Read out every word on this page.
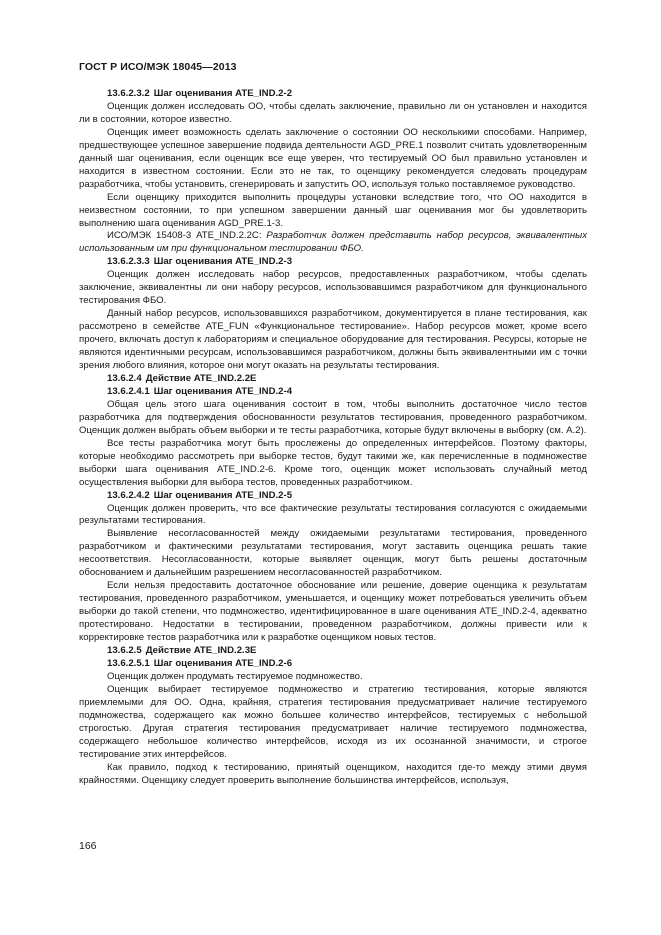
ГОСТ Р ИСО/МЭК 18045—2013

13.6.2.3.2 Шаг оценивания ATE_IND.2-2

Оценщик должен исследовать ОО, чтобы сделать заключение, правильно ли он установлен и находится ли в состоянии, которое известно.

Оценщик имеет возможность сделать заключение о состоянии ОО несколькими способами. Например, предшествующее успешное завершение подвида деятельности AGD_PRE.1 позволит считать удовлетворенным данный шаг оценивания, если оценщик все еще уверен, что тестируемый ОО был правильно установлен и находится в известном состоянии. Если это не так, то оценщику рекомендуется следовать процедурам разработчика, чтобы установить, сгенерировать и запустить ОО, используя только поставляемое руководство.

Если оценщику приходится выполнить процедуры установки вследствие того, что ОО находится в неизвестном состоянии, то при успешном завершении данный шаг оценивания мог бы удовлетворить выполнению шага оценивания AGD_PRE.1-3.

ИСО/МЭК 15408-3 ATE_IND.2.2C: Разработчик должен представить набор ресурсов, эквивалентных использованным им при функциональном тестировании ФБО.

13.6.2.3.3 Шаг оценивания ATE_IND.2-3

Оценщик должен исследовать набор ресурсов, предоставленных разработчиком, чтобы сделать заключение, эквивалентны ли они набору ресурсов, использовавшимся разработчиком для функционального тестирования ФБО.

Данный набор ресурсов, использовавшихся разработчиком, документируется в плане тестирования, как рассмотрено в семействе ATE_FUN «Функциональное тестирование». Набор ресурсов может, кроме всего прочего, включать доступ к лабораториям и специальное оборудование для тестирования. Ресурсы, которые не являются идентичными ресурсам, использовавшимся разработчиком, должны быть эквивалентными им с точки зрения любого влияния, которое они могут оказать на результаты тестирования.

13.6.2.4 Действие ATE_IND.2.2E

13.6.2.4.1 Шаг оценивания ATE_IND.2-4

Общая цель этого шага оценивания состоит в том, чтобы выполнить достаточное число тестов разработчика для подтверждения обоснованности результатов тестирования, проведенного разработчиком. Оценщик должен выбрать объем выборки и те тесты разработчика, которые будут включены в выборку (см. А.2).

Все тесты разработчика могут быть прослежены до определенных интерфейсов. Поэтому факторы, которые необходимо рассмотреть при выборке тестов, будут такими же, как перечисленные в подмножестве выборки шага оценивания ATE_IND.2-6. Кроме того, оценщик может использовать случайный метод осуществления выборки для выбора тестов, проведенных разработчиком.

13.6.2.4.2 Шаг оценивания ATE_IND.2-5

Оценщик должен проверить, что все фактические результаты тестирования согласуются с ожидаемыми результатами тестирования.

Выявление несогласованностей между ожидаемыми результатами тестирования, проведенного разработчиком и фактическими результатами тестирования, могут заставить оценщика решать такие несоответствия. Несогласованности, которые выявляет оценщик, могут быть решены достаточным обоснованием и дальнейшим разрешением несогласованностей разработчиком.

Если нельзя предоставить достаточное обоснование или решение, доверие оценщика к результатам тестирования, проведенного разработчиком, уменьшается, и оценщику может потребоваться увеличить объем выборки до такой степени, что подмножество, идентифицированное в шаге оценивания ATE_IND.2-4, адекватно протестировано. Недостатки в тестировании, проведенном разработчиком, должны привести или к корректировке тестов разработчика или к разработке оценщиком новых тестов.

13.6.2.5 Действие ATE_IND.2.3E

13.6.2.5.1 Шаг оценивания ATE_IND.2-6

Оценщик должен продумать тестируемое подмножество.

Оценщик выбирает тестируемое подмножество и стратегию тестирования, которые являются приемлемыми для ОО. Одна, крайняя, стратегия тестирования предусматривает наличие тестируемого подмножества, содержащего как можно большее количество интерфейсов, тестируемых с небольшой строгостью. Другая стратегия тестирования предусматривает наличие тестируемого подмножества, содержащего небольшое количество интерфейсов, исходя из их осознанной значимости, и строгое тестирование этих интерфейсов.

Как правило, подход к тестированию, принятый оценщиком, находится где-то между этими двумя крайностями. Оценщику следует проверить выполнение большинства интерфейсов, используя,

166
